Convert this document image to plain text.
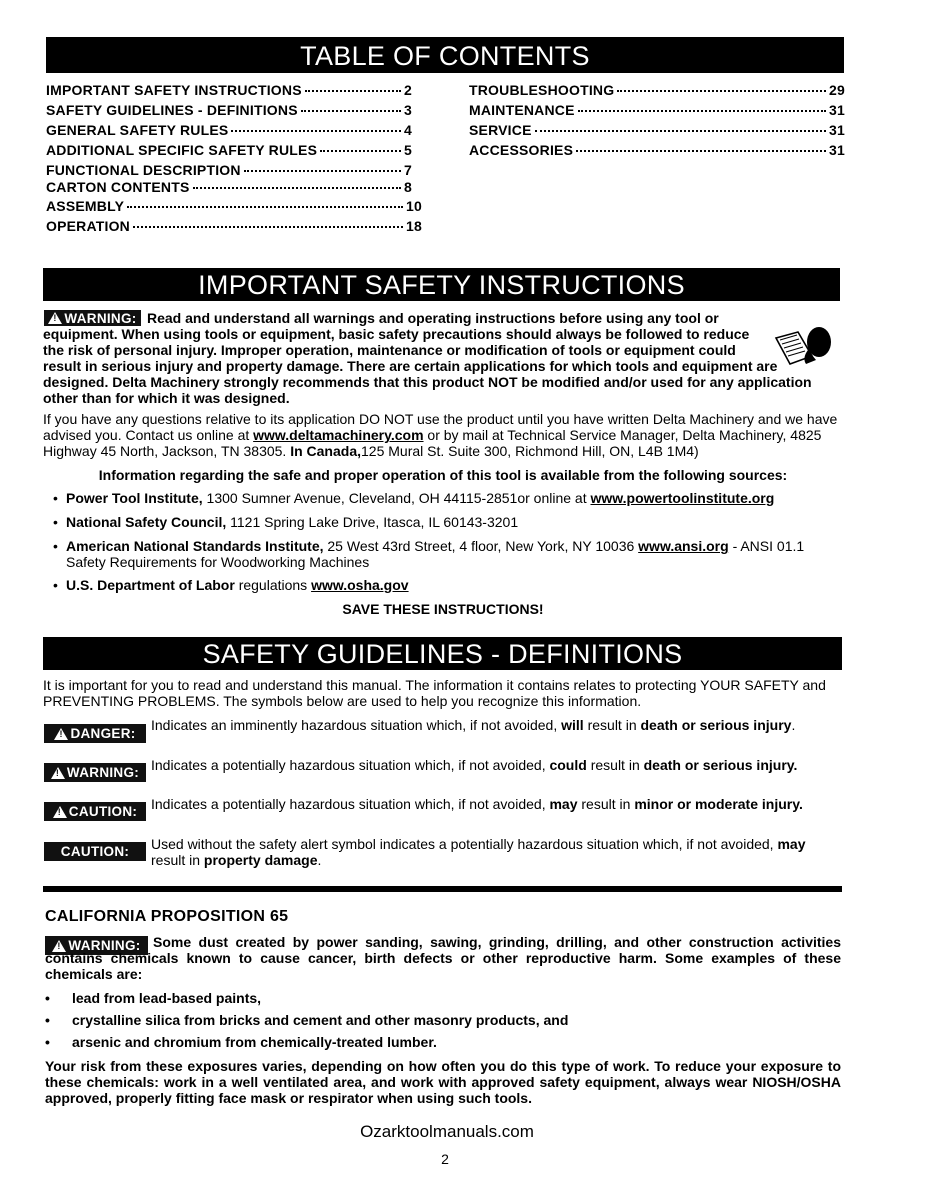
TABLE OF CONTENTS
IMPORTANT SAFETY INSTRUCTIONS	2
SAFETY GUIDELINES - DEFINITIONS	3
GENERAL SAFETY RULES	4
ADDITIONAL SPECIFIC SAFETY RULES	5
FUNCTIONAL DESCRIPTION	7
CARTON CONTENTS	8
ASSEMBLY	10
OPERATION	18
TROUBLESHOOTING	29
MAINTENANCE	31
SERVICE	31
ACCESSORIES	31
IMPORTANT SAFETY INSTRUCTIONS
!
WARNING: Read and understand all warnings and operating instructions before using any tool or equipment. When using tools or equipment, basic safety precautions should always be followed to reduce the risk of personal injury. Improper operation, maintenance or modification of tools or equipment could result in serious injury and property damage. There are certain applications for which tools and equipment are designed. Delta Machinery strongly recommends that this product NOT be modified and/or used for any application other than for which it was designed.
If you have any questions relative to its application DO NOT use the product until you have written Delta Machinery and we have advised you. Contact us online at www.deltamachinery.com or by mail at Technical Service Manager, Delta Machinery, 4825 Highway 45 North, Jackson, TN 38305. In Canada,125 Mural St. Suite 300, Richmond Hill, ON, L4B 1M4)
Information regarding the safe and proper operation of this tool is available from the following sources:
• Power Tool Institute, 1300 Sumner Avenue, Cleveland, OH 44115-2851or online at www.powertoolinstitute.org
• National Safety Council, 1121 Spring Lake Drive, Itasca, IL 60143-3201
• American National Standards Institute, 25 West 43rd Street, 4 floor, New York, NY 10036 www.ansi.org - ANSI 01.1 Safety Requirements for Woodworking Machines
• U.S. Department of Labor regulations www.osha.gov
SAVE THESE INSTRUCTIONS!
SAFETY GUIDELINES - DEFINITIONS
It is important for you to read and understand this manual. The information it contains relates to protecting YOUR SAFETY and PREVENTING PROBLEMS. The symbols below are used to help you recognize this information.
!
DANGER:
Indicates an imminently hazardous situation which, if not avoided, will result in death or serious injury.
!
WARNING: Indicates a potentially hazardous situation which, if not avoided, could result in death or serious injury.
!
CAUTION: Indicates a potentially hazardous situation which, if not avoided, may result in minor or moderate injury.
CAUTION: Used without the safety alert symbol indicates a potentially hazardous situation which, if not avoided, may result in property damage.
CALIFORNIA PROPOSITION 65
!
WARNING: Some dust created by power sanding, sawing, grinding, drilling, and other construction activities contains chemicals known to cause cancer, birth defects or other reproductive harm. Some examples of these chemicals are:
• lead from lead-based paints,
• crystalline silica from bricks and cement and other masonry products, and
• arsenic and chromium from chemically-treated lumber.
Your risk from these exposures varies, depending on how often you do this type of work. To reduce your exposure to these chemicals: work in a well ventilated area, and work with approved safety equipment, always wear NIOSH/OSHA approved, properly fitting face mask or respirator when using such tools.
Ozarktoolmanuals.com
2
